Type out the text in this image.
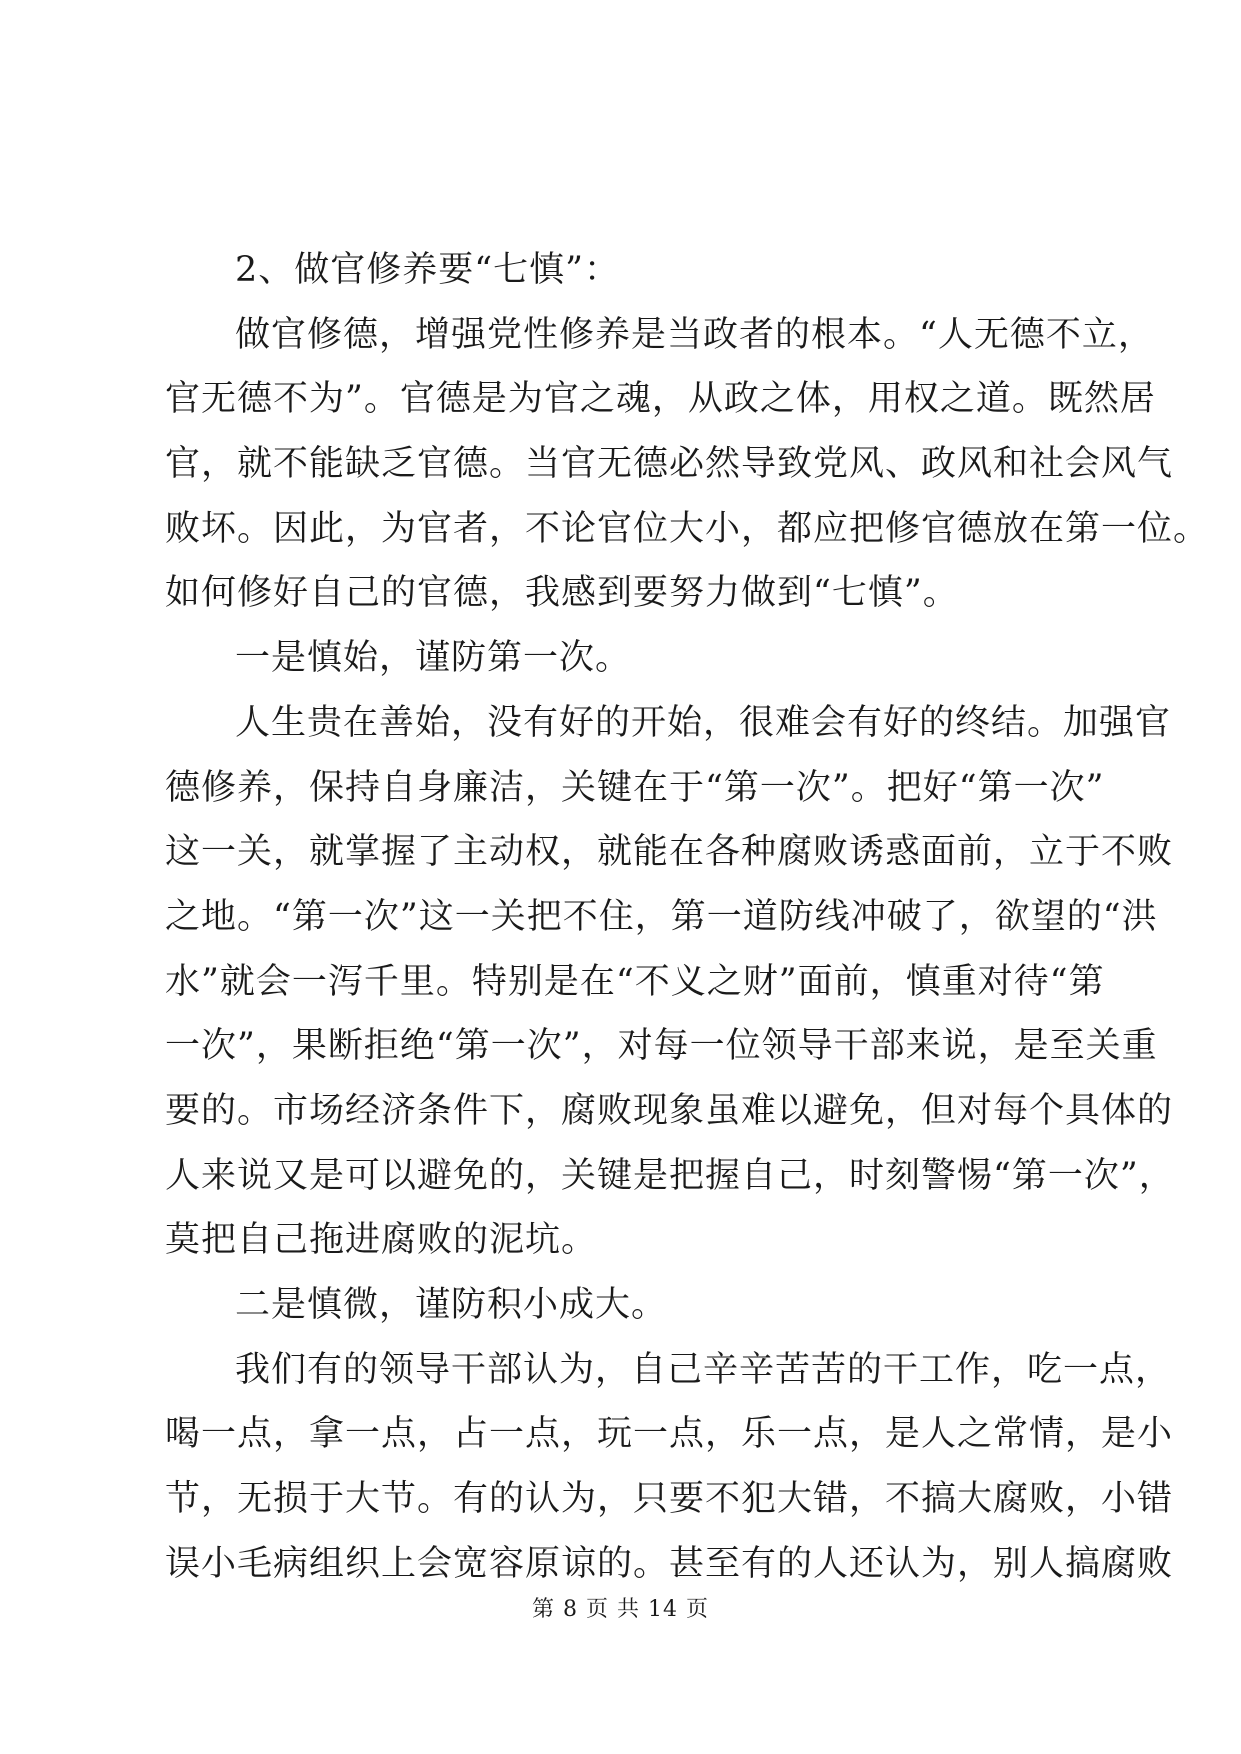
2、做官修养要“七慎”：
做官修德，增强党性修养是当政者的根本。“人无德不立，
官无德不为”。官德是为官之魂，从政之体，用权之道。既然居
官，就不能缺乏官德。当官无德必然导致党风、政风和社会风气
败坏。因此，为官者，不论官位大小，都应把修官德放在第一位。
如何修好自己的官德，我感到要努力做到“七慎”。
一是慎始，谨防第一次。
人生贵在善始，没有好的开始，很难会有好的终结。加强官
德修养，保持自身廉洁，关键在于“第一次”。把好“第一次”
这一关，就掌握了主动权，就能在各种腐败诱惑面前，立于不败
之地。“第一次”这一关把不住，第一道防线冲破了，欲望的“洪
水”就会一泻千里。特别是在“不义之财”面前，慎重对待“第
一次”，果断拒绝“第一次”，对每一位领导干部来说，是至关重
要的。市场经济条件下，腐败现象虽难以避免，但对每个具体的
人来说又是可以避免的，关键是把握自己，时刻警惕“第一次”，
莫把自己拖进腐败的泥坑。
二是慎微，谨防积小成大。
我们有的领导干部认为，自己辛辛苦苦的干工作，吃一点，
喝一点，拿一点，占一点，玩一点，乐一点，是人之常情，是小
节，无损于大节。有的认为，只要不犯大错，不搞大腐败，小错
误小毛病组织上会宽容原谅的。甚至有的人还认为，别人搞腐败
第 8 页 共 14 页
